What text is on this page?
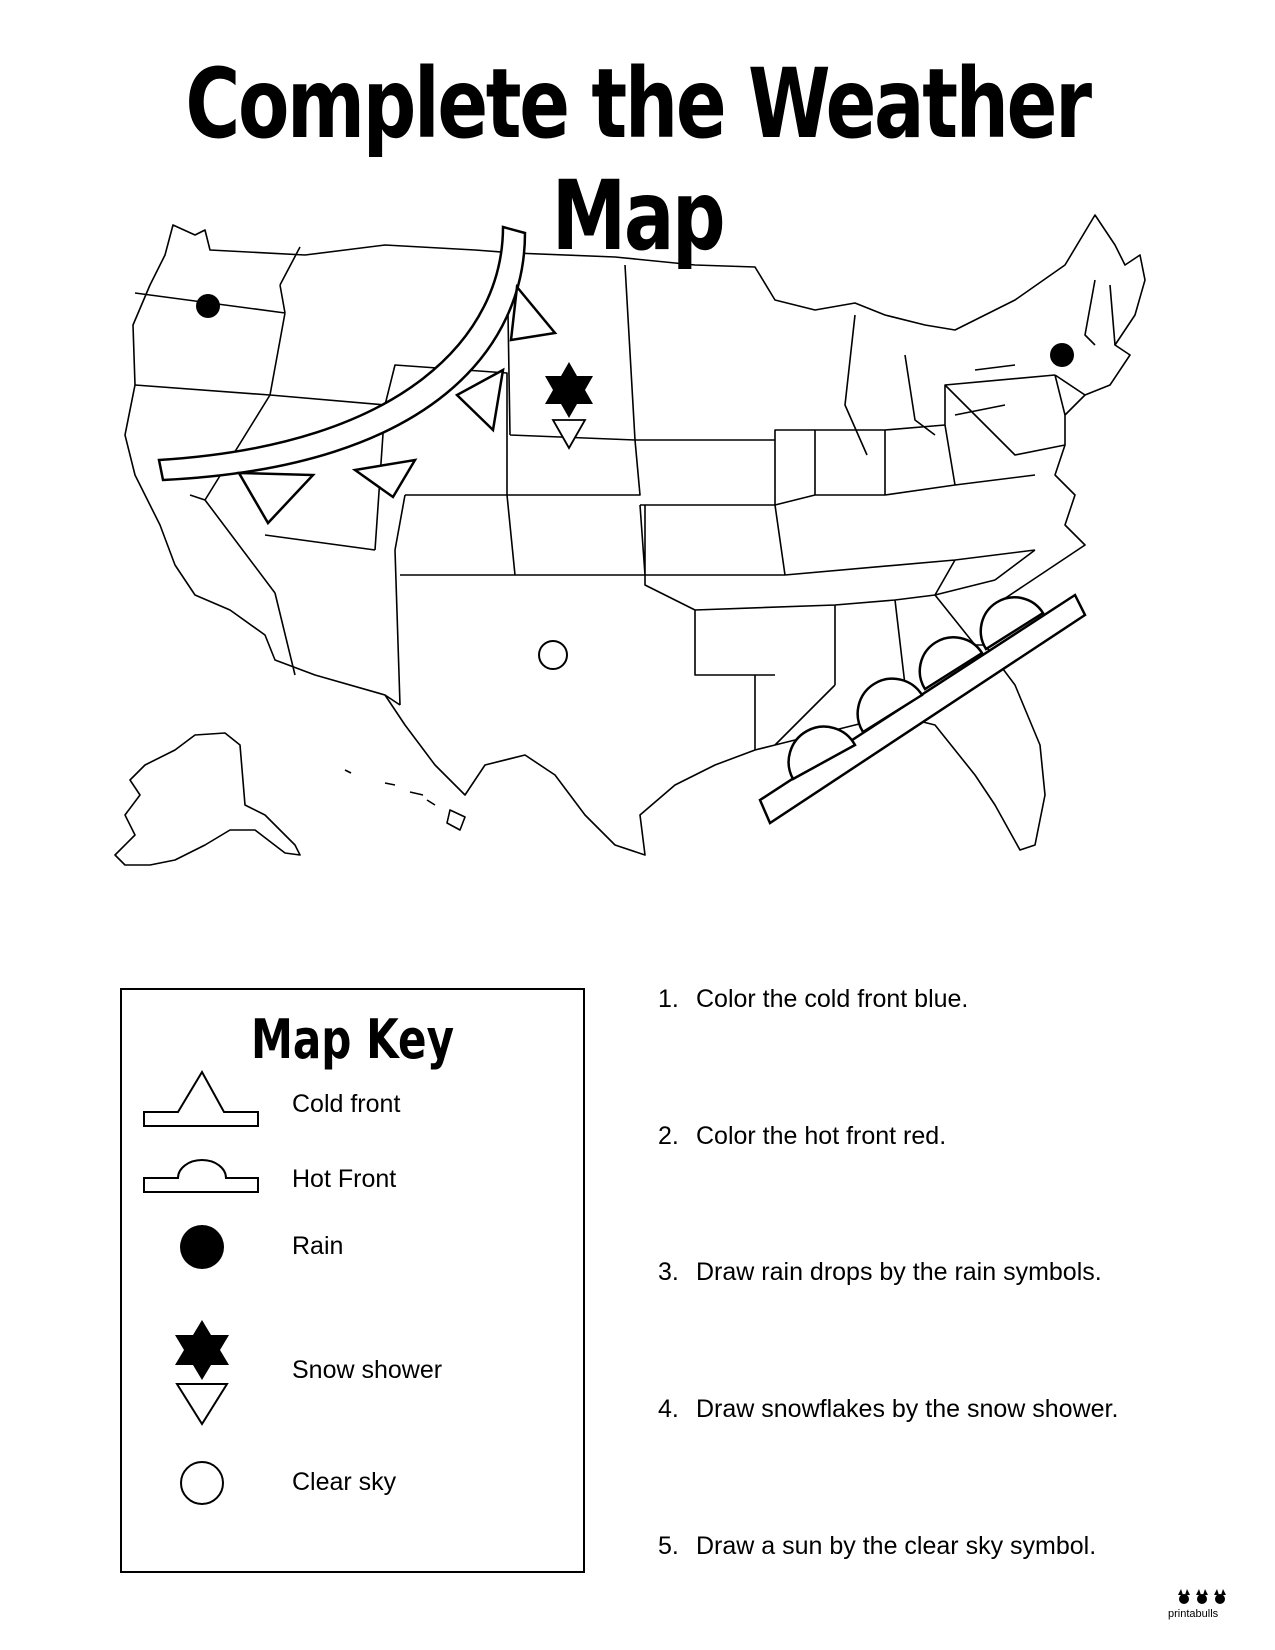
Complete the Weather Map
Map Key
Cold front
Hot Front
Rain
Snow shower
Clear sky
1. Color the cold front blue.
2. Color the hot front red.
3. Draw rain drops by the rain symbols.
4. Draw snowflakes by the snow shower.
5. Draw a sun by the clear sky symbol.
printabulls
